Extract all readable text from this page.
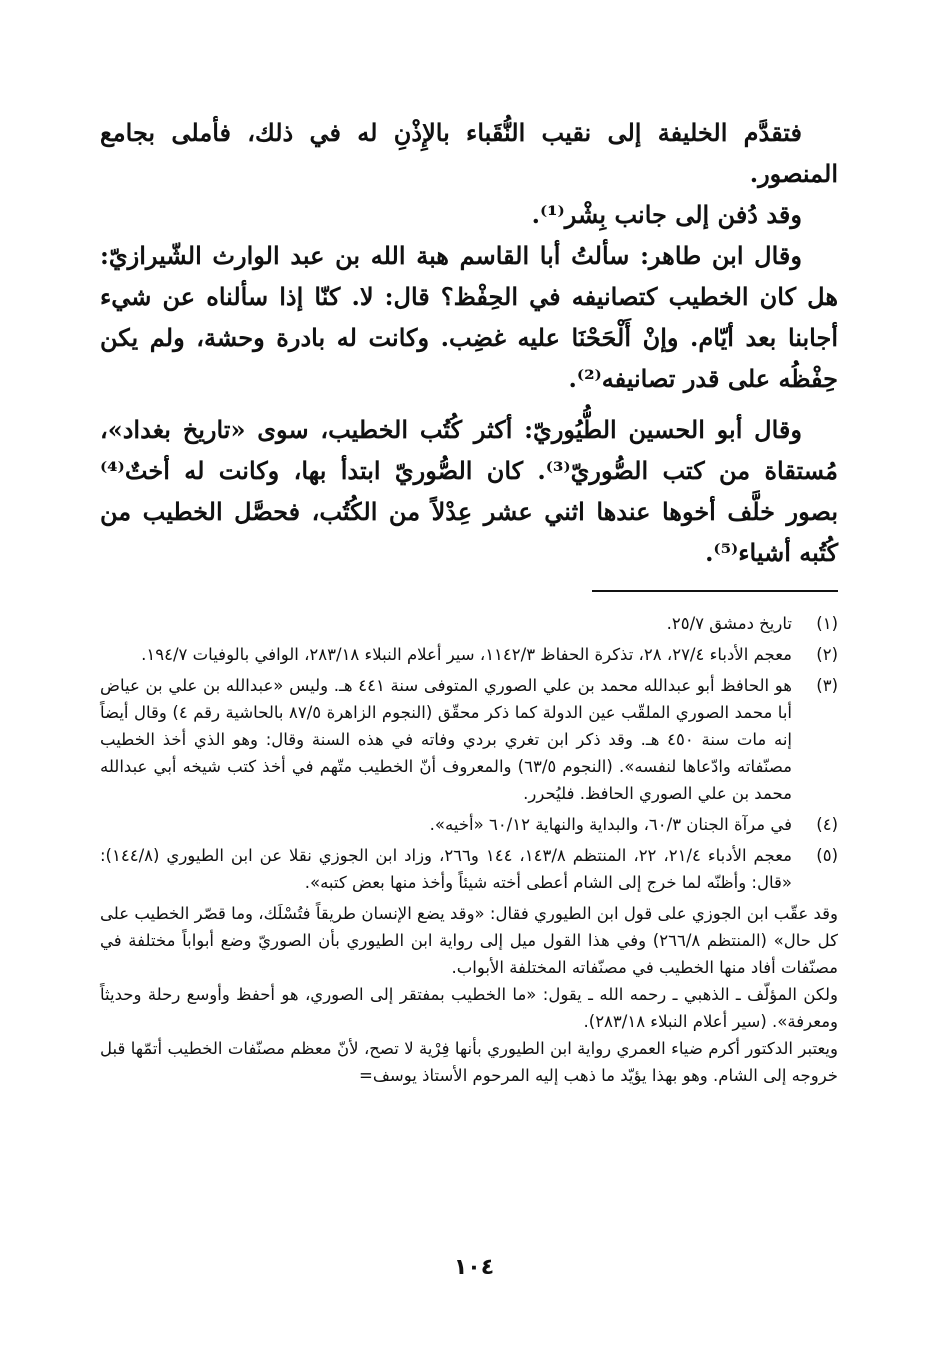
فتقدَّم الخليفة إلى نقيب النُّقَباء بالإِذْنِ له في ذلك، فأملى بجامع المنصور.

وقد دُفن إلى جانب بِشْر⁽¹⁾.

وقال ابن طاهر: سألتُ أبا القاسم هبة الله بن عبد الوارث الشّيرازيّ: هل كان الخطيب كتصانيفه في الحِفْظ؟ قال: لا. كنّا إذا سألناه عن شيء أجابنا بعد أيّام. وإنْ أَلْحَحْنَا عليه غضِب. وكانت له بادرة وحشة، ولم يكن حِفْظُه على قدر تصانيفه⁽²⁾.

وقال أبو الحسين الطُّيُوريّ: أكثر كُتُب الخطيب، سوى «تاريخ بغداد»، مُستقاة من كتب الصُّوريّ⁽³⁾. كان الصُّوريّ ابتدأ بها، وكانت له أختٌ⁽⁴⁾ بصور خلَّف أخوها عندها اثني عشر عِدْلاً من الكُتُب، فحصَّل الخطيب من كُتُبه أشياء⁽⁵⁾.

(١)
تاريخ دمشق ٢٥/٧.
(٢)
معجم الأدباء ٢٧/٤، ٢٨، تذكرة الحفاظ ١١٤٢/٣، سير أعلام النبلاء ٢٨٣/١٨، الوافي بالوفيات ١٩٤/٧.
(٣)
هو الحافظ أبو عبدالله محمد بن علي الصوري المتوفى سنة ٤٤١ هـ. وليس «عبدالله بن علي بن عياض أبا محمد الصوري الملقّب عين الدولة كما ذكر محقّق (النجوم الزاهرة ٨٧/٥ بالحاشية رقم ٤) وقال أيضاً إنه مات سنة ٤٥٠ هـ. وقد ذكر ابن تغري بردي وفاته في هذه السنة وقال: وهو الذي أخذ الخطيب مصنّفاته وادّعاها لنفسه». (النجوم ٦٣/٥) والمعروف أنّ الخطيب متّهم في أخذ كتب شيخه أبي عبدالله محمد بن علي الصوري الحافظ. فليُحرر.
(٤)
في مرآة الجنان ٦٠/٣، والبداية والنهاية ٦٠/١٢ «أخيه».
(٥)
معجم الأدباء ٢١/٤، ٢٢، المنتظم ١٤٣/٨، ١٤٤ و٢٦٦، وزاد ابن الجوزي نقلا عن ابن الطيوري (١٤٤/٨): «قال: وأظنّه لما خرج إلى الشام أعطى أخته شيئاً وأخذ منها بعض كتبه».

وقد عقّب ابن الجوزي على قول ابن الطيوري فقال: «وقد يضع الإنسان طريقاً فتُسْلَك، وما قصّر الخطيب على كل حال» (المنتظم ٢٦٦/٨) وفي هذا القول ميل إلى رواية ابن الطيوري بأن الصوريّ وضع أبواباً مختلفة في مصنّفات أفاد منها الخطيب في مصنّفاته المختلفة الأبواب.

ولكن المؤلّف ـ الذهبي ـ رحمه الله ـ يقول: «ما الخطيب بمفتقر إلى الصوري، هو أحفظ وأوسع رحلة وحديثاً ومعرفة». (سير أعلام النبلاء ٢٨٣/١٨).

ويعتبر الدكتور أكرم ضياء العمري رواية ابن الطيوري بأنها فِرْية لا تصح، لأنّ معظم مصنّفات الخطيب أتمّها قبل خروجه إلى الشام. وهو بهذا يؤيّد ما ذهب إليه المرحوم الأستاذ يوسف=

١٠٤
